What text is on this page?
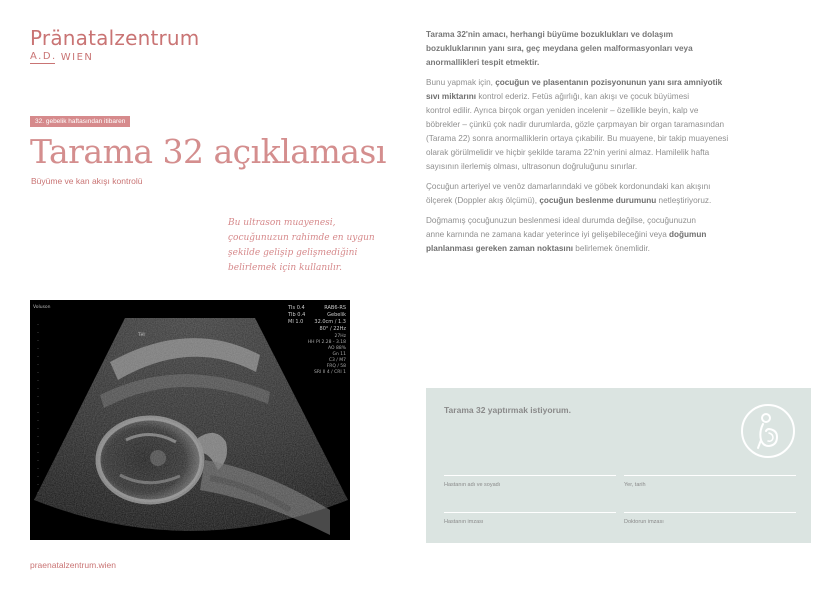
Pränatalzentrum
A.D. WIEN
32. gebelik haftasından itibaren
Tarama 32 açıklaması
Büyüme ve kan akışı kontrolü
Bu ultrason muayenesi,
çocuğunuzun rahimde en uygun
şekilde gelişip gelişmediğini
belirlemek için kullanılır.
Voluson	TIs 0.4
TIb 0.4
MI 1.0
RAB6-RS
Gebelik
32.0cm / 1.3
80° / 22Hz
27Hz
HH PI 2.28 - 3.18
AO 88%
Gn 11
C3 / M7
FRQ / 58
SRI II 4 / CRI 1
THI
praenatalzentrum.wien

Tarama 32'nin amacı, herhangi büyüme bozuklukları ve dolaşım
bozukluklarının yanı sıra, geç meydana gelen malformasyonları veya
anormallikleri tespit etmektir.

Bunu yapmak için, çocuğun ve plasentanın pozisyonunun yanı sıra amniyotik
sıvı miktarını kontrol ederiz. Fetüs ağırlığı, kan akışı ve çocuk büyümesi
kontrol edilir. Ayrıca birçok organ yeniden incelenir – özellikle beyin, kalp ve
böbrekler – çünkü çok nadir durumlarda, gözle çarpmayan bir organ taramasından
(Tarama 22) sonra anormalliklerin ortaya çıkabilir. Bu muayene, bir takip muayenesi
olarak görülmelidir ve hiçbir şekilde tarama 22'nin yerini almaz. Hamilelik hafta
sayısının ilerlemiş olması, ultrasonun doğruluğunu sınırlar.

Çocuğun arteriyel ve venöz damarlarındaki ve göbek kordonundaki kan akışını
ölçerek (Doppler akış ölçümü), çocuğun beslenme durumunu netleştiriyoruz.

Doğmamış çocuğunuzun beslenmesi ideal durumda değilse, çocuğunuzun
anne karnında ne zamana kadar yeterince iyi gelişebileceğini veya doğumun
planlanması gereken zaman noktasını belirlemek önemlidir.

Tarama 32 yaptırmak istiyorum.
Hastanın adı ve soyadı	Yer, tarih
Hastanın imzası	Doktorun imzası
